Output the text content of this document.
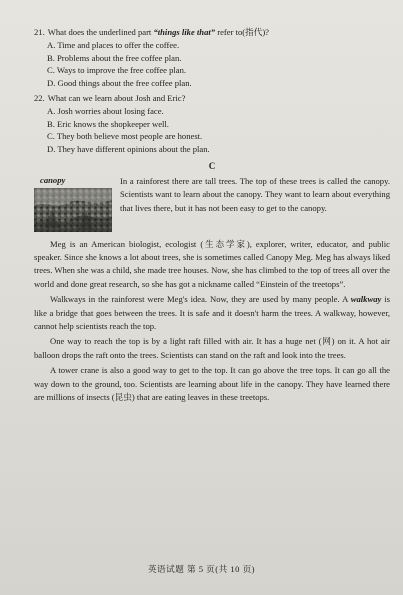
21. What does the underlined part “things like that” refer to(指代)?
A. Time and places to offer the coffee.
B. Problems about the free coffee plan.
C. Ways to improve the free coffee plan.
D. Good things about the free coffee plan.
22. What can we learn about Josh and Eric?
A. Josh worries about losing face.
B. Eric knows the shopkeeper well.
C. They both believe most people are honest.
D. They have different opinions about the plan.
C
canopy	In a rainforest there are tall trees. The top of these trees is called the canopy. Scientists want to learn about the canopy. They want to learn about everything that lives there, but it has not been easy to get to the canopy.

Meg is an American biologist, ecologist (生态学家), explorer, writer, educator, and public speaker. Since she knows a lot about trees, she is sometimes called Canopy Meg. Meg has always liked trees. When she was a child, she made tree houses. Now, she has climbed to the top of trees all over the world and done great research, so she has got a nickname called “Einstein of the treetops”.

Walkways in the rainforest were Meg's idea. Now, they are used by many people. A walkway is like a bridge that goes between the trees. It is safe and it doesn't harm the trees. A walkway, however, cannot help scientists reach the top.

One way to reach the top is by a light raft filled with air. It has a huge net (网) on it. A hot air balloon drops the raft onto the trees. Scientists can stand on the raft and look into the trees.

A tower crane is also a good way to get to the top. It can go above the tree tops. It can go all the way down to the ground, too. Scientists are learning about life in the canopy. They have learned there are millions of insects (昆虫) that are eating leaves in these treetops.

英语试题 第 5 页(共 10 页)
